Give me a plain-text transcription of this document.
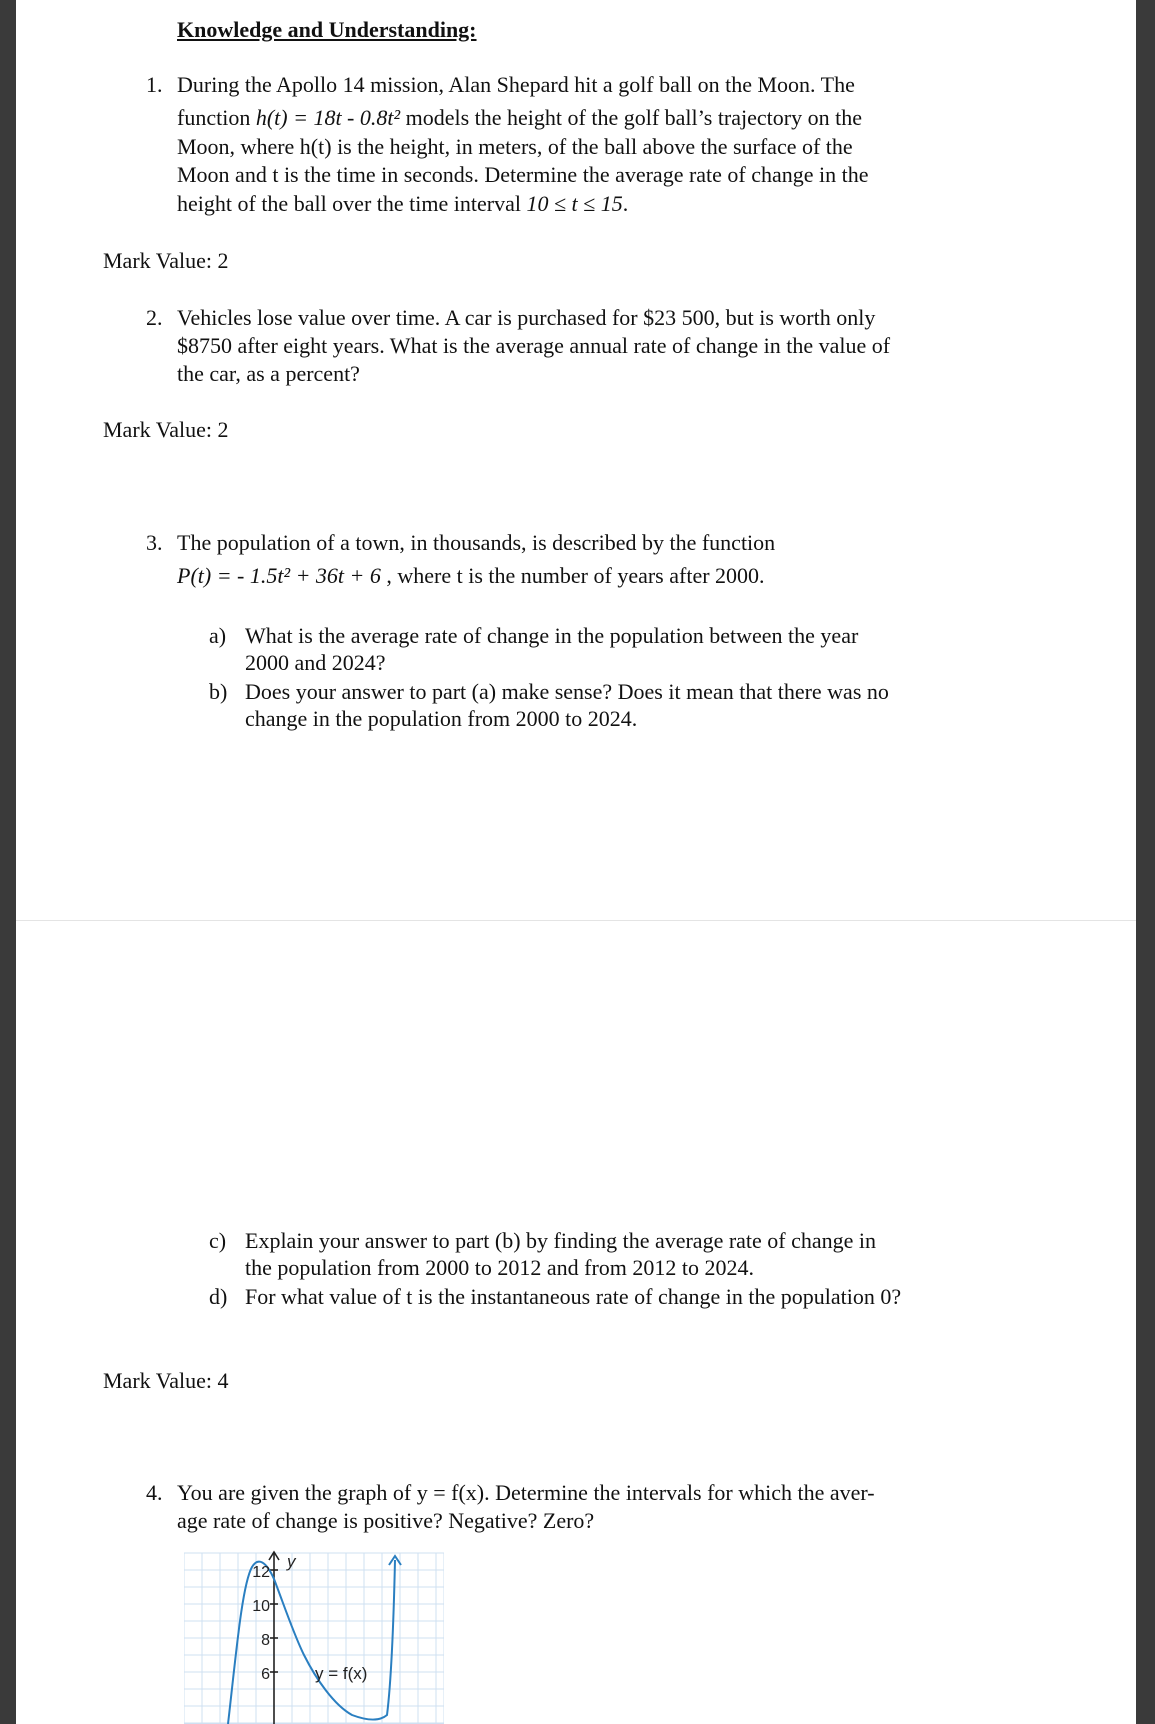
Knowledge and Understanding:
1. During the Apollo 14 mission, Alan Shepard hit a golf ball on the Moon. The
function h(t) = 18t - 0.8t² models the height of the golf ball’s trajectory on the
Moon, where h(t) is the height, in meters, of the ball above the surface of the
Moon and t is the time in seconds. Determine the average rate of change in the
height of the ball over the time interval 10 ≤ t ≤ 15.
Mark Value: 2
2. Vehicles lose value over time. A car is purchased for $23 500, but is worth only
$8750 after eight years. What is the average annual rate of change in the value of
the car, as a percent?
Mark Value: 2
3. The population of a town, in thousands, is described by the function
P(t) = - 1.5t² + 36t + 6 , where t is the number of years after 2000.
a) What is the average rate of change in the population between the year
2000 and 2024?
b) Does your answer to part (a) make sense? Does it mean that there was no
change in the population from 2000 to 2024.
c) Explain your answer to part (b) by finding the average rate of change in
the population from 2000 to 2012 and from 2012 to 2024.
d) For what value of t is the instantaneous rate of change in the population 0?
Mark Value: 4
4. You are given the graph of y = f(x). Determine the intervals for which the aver-
age rate of change is positive? Negative? Zero?
12
10
8
6
y
y = f(x)
